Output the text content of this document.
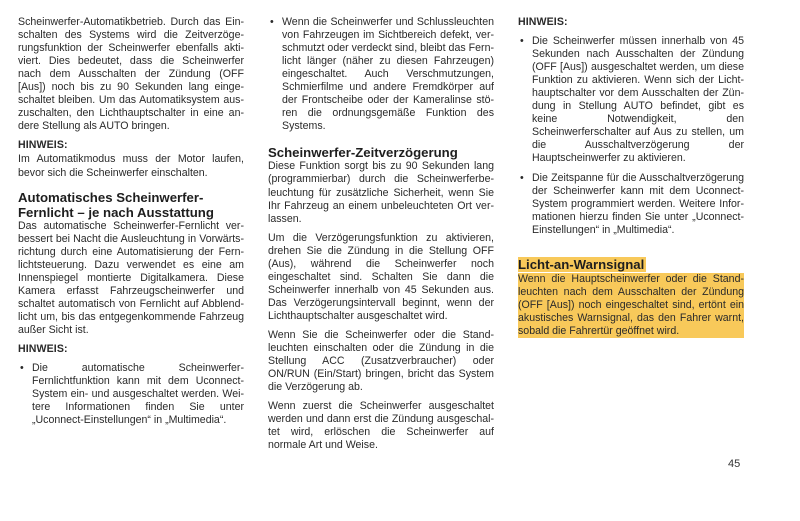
Scheinwerfer-Automatikbetrieb. Durch das Einschalten des Systems wird die Zeitverzögerungsfunktion der Scheinwerfer ebenfalls aktiviert. Dies bedeutet, dass die Scheinwerfer nach dem Ausschalten der Zündung (OFF [Aus]) noch bis zu 90 Sekunden lang eingeschaltet bleiben. Um das Automatiksystem auszuschalten, den Lichthauptschalter in eine andere Stellung als AUTO bringen.

HINWEIS:

Im Automatikmodus muss der Motor laufen, bevor sich die Scheinwerfer einschalten.

Automatisches Scheinwerfer-
Fernlicht – je nach Ausstattung

Das automatische Scheinwerfer-Fernlicht verbessert bei Nacht die Ausleuchtung in Vorwärtsrichtung durch eine Automatisierung der Fernlichtsteuerung. Dazu verwendet es eine am Innenspiegel montierte Digitalkamera. Diese Kamera erfasst Fahrzeugscheinwerfer und schaltet automatisch von Fernlicht auf Abblendlicht um, bis das entgegenkommende Fahrzeug außer Sicht ist.

HINWEIS:
• Die automatische Scheinwerfer-Fernlichtfunktion kann mit dem Uconnect-System ein- und ausgeschaltet werden. Weitere Informationen finden Sie unter „Uconnect-Einstellungen“ in „Multimedia“.
• Wenn die Scheinwerfer und Schlussleuchten von Fahrzeugen im Sichtbereich defekt, verschmutzt oder verdeckt sind, bleibt das Fernlicht länger (näher zu diesen Fahrzeugen) eingeschaltet. Auch Verschmutzungen, Schmierfilme und andere Fremdkörper auf der Frontscheibe oder der Kameralinse stören die ordnungsgemäße Funktion des Systems.
Scheinwerfer-Zeitverzögerung

Diese Funktion sorgt bis zu 90 Sekunden lang (programmierbar) durch die Scheinwerferbeleuchtung für zusätzliche Sicherheit, wenn Sie Ihr Fahrzeug an einem unbeleuchteten Ort verlassen.

Um die Verzögerungsfunktion zu aktivieren, drehen Sie die Zündung in die Stellung OFF (Aus), während die Scheinwerfer noch eingeschaltet sind. Schalten Sie dann die Scheinwerfer innerhalb von 45 Sekunden aus. Das Verzögerungsintervall beginnt, wenn der Lichthauptschalter ausgeschaltet wird.

Wenn Sie die Scheinwerfer oder die Standleuchten einschalten oder die Zündung in die Stellung ACC (Zusatzverbraucher) oder ON/RUN (Ein/Start) bringen, bricht das System die Verzögerung ab.

Wenn zuerst die Scheinwerfer ausgeschaltet werden und dann erst die Zündung ausgeschaltet wird, erlöschen die Scheinwerfer auf normale Art und Weise.

HINWEIS:
• Die Scheinwerfer müssen innerhalb von 45 Sekunden nach Ausschalten der Zündung (OFF [Aus]) ausgeschaltet werden, um diese Funktion zu aktivieren. Wenn sich der Lichthauptschalter vor dem Ausschalten der Zündung in Stellung AUTO befindet, gibt es keine Notwendigkeit, den Scheinwerferschalter auf Aus zu stellen, um die Ausschaltverzögerung der Hauptscheinwerfer zu aktivieren.
• Die Zeitspanne für die Ausschaltverzögerung der Scheinwerfer kann mit dem Uconnect-System programmiert werden. Weitere Informationen hierzu finden Sie unter „Uconnect-Einstellungen“ in „Multimedia“.
Licht-an-Warnsignal

Wenn die Hauptscheinwerfer oder die Standleuchten nach dem Ausschalten der Zündung (OFF [Aus]) noch eingeschaltet sind, ertönt ein akustisches Warnsignal, das den Fahrer warnt, sobald die Fahrertür geöffnet wird.

45
